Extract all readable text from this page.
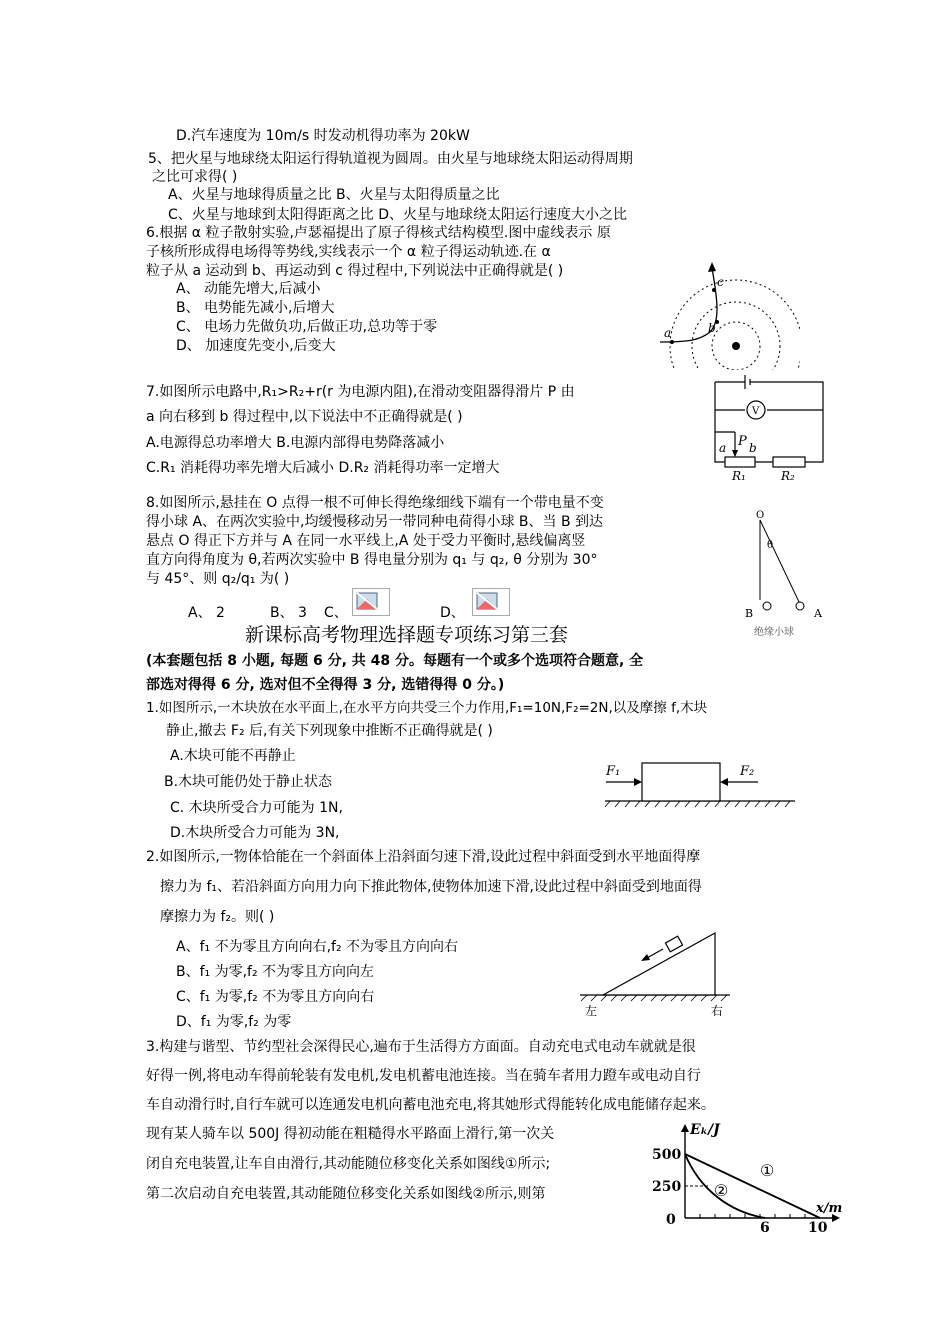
D.汽车速度为 10m/s 时发动机得功率为 20kW
5、把火星与地球绕太阳运行得轨道视为圆周。由火星与地球绕太阳运动得周期
之比可求得( )
A、火星与地球得质量之比 B、火星与太阳得质量之比
C、火星与地球到太阳得距离之比 D、火星与地球绕太阳运行速度大小之比
6.根据 α 粒子散射实验,卢瑟福提出了原子得核式结构模型.图中虚线表示 原
子核所形成得电场得等势线,实线表示一个 α 粒子得运动轨迹.在 α
粒子从 a 运动到 b、再运动到 c 得过程中,下列说法中正确得就是( )
A、 动能先增大,后减小
B、 电势能先减小,后增大
C、 电场力先做负功,后做正功,总功等于零
D、 加速度先变小,后变大
7.如图所示电路中,R₁>R₂+r(r 为电源内阻),在滑动变阻器得滑片 P 由
a 向右移到 b 得过程中,以下说法中不正确得就是( )
A.电源得总功率增大 B.电源内部得电势降落减小
C.R₁ 消耗得功率先增大后减小 D.R₂ 消耗得功率一定增大
8.如图所示,悬挂在 O 点得一根不可伸长得绝缘细线下端有一个带电量不变
得小球 A、在两次实验中,均缓慢移动另一带同种电荷得小球 B、当 B 到达
悬点 O 得正下方并与 A 在同一水平线上,A 处于受力平衡时,悬线偏离竖
直方向得角度为 θ,若两次实验中 B 得电量分别为 q₁ 与 q₂, θ 分别为 30°
与 45°、则 q₂/q₁ 为( )
A、 2	B、 3 C、	D、
新课标高考物理选择题专项练习第三套
(本套题包括 8 小题, 每题 6 分, 共 48 分。每题有一个或多个选项符合题意, 全
部选对得得 6 分, 选对但不全得得 3 分, 选错得得 0 分。)
1.如图所示,一木块放在水平面上,在水平方向共受三个力作用,F₁=10N,F₂=2N,以及摩擦 f,木块
静止,撤去 F₂ 后,有关下列现象中推断不正确得就是( )
A.木块可能不再静止
B.木块可能仍处于静止状态
C. 木块所受合力可能为 1N,
D.木块所受合力可能为 3N,
2.如图所示,一物体恰能在一个斜面体上沿斜面匀速下滑,设此过程中斜面受到水平地面得摩
擦力为 f₁、若沿斜面方向用力向下推此物体,使物体加速下滑,设此过程中斜面受到地面得
摩擦力为 f₂。则( )
A、f₁ 不为零且方向向右,f₂ 不为零且方向向右
B、f₁ 为零,f₂ 不为零且方向向左
C、f₁ 为零,f₂ 不为零且方向向右
D、f₁ 为零,f₂ 为零
3.构建与谐型、节约型社会深得民心,遍布于生活得方方面面。自动充电式电动车就就是很
好得一例,将电动车得前轮装有发电机,发电机蓄电池连接。当在骑车者用力蹬车或电动自行
车自动滑行时,自行车就可以连通发电机向蓄电池充电,将其她形式得能转化成电能储存起来。
现有某人骑车以 500J 得初动能在粗糙得水平路面上滑行,第一次关
闭自充电装置,让车自由滑行,其动能随位移变化关系如图线①所示;
第二次启动自充电装置,其动能随位移变化关系如图线②所示,则第
a	b
c
V
a P b
R₁	R₂
O
θ
B	A
绝缘小球
F₁	F₂
左	右
Eₖ/J
x/m
500
250
0	6	10
①
②
